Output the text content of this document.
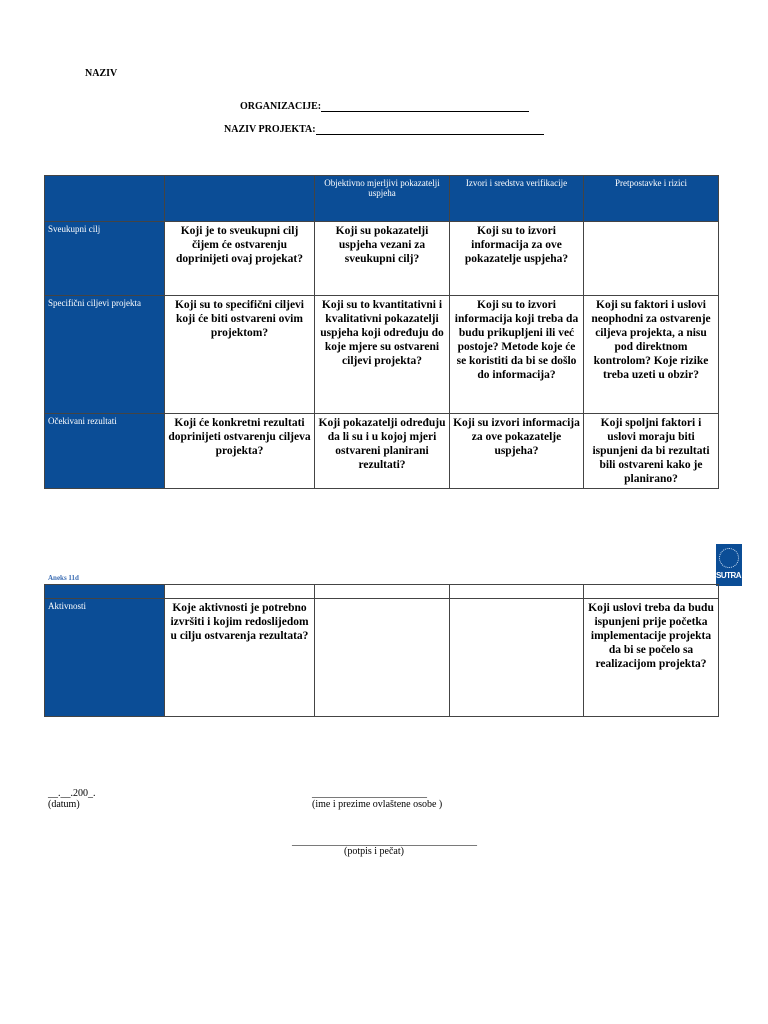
NAZIV
ORGANIZACIJE:
NAZIV PROJEKTA:
		Objektivno mjerljivi pokazatelji uspjeha	Izvori i sredstva verifikacije	Pretpostavke i rizici
Sveukupni cilj	Koji je to sveukupni cilj čijem će ostvarenju doprinijeti ovaj projekat?	Koji su pokazatelji uspjeha vezani za sveukupni cilj?	Koji su to izvori informacija za ove pokazatelje uspjeha?	
Specifični ciljevi projekta	Koji su to specifični ciljevi koji će biti ostvareni ovim projektom?	Koji su to kvantitativni i kvalitativni pokazatelji uspjeha koji određuju do koje mjere su ostvareni ciljevi projekta?	Koji su to izvori informacija koji treba da budu prikupljeni ili već postoje? Metode koje će se koristiti da bi se došlo do informacija?	Koji su faktori i uslovi neophodni za ostvarenje ciljeva projekta, a nisu pod direktnom kontrolom? Koje rizike treba uzeti u obzir?
Očekivani rezultati	Koji će konkretni rezultati doprinijeti ostvarenju ciljeva projekta?	Koji pokazatelji određuju da li su i u kojoj mjeri ostvareni planirani rezultati?	Koji su izvori informacija za ove pokazatelje uspjeha?	Koji spoljni faktori i uslovi moraju biti ispunjeni da bi rezultati bili ostvareni kako je planirano?
Aneks 11d	SUTRA

Aktivnosti	Koje aktivnosti je potrebno izvršiti i kojim redoslijedom u cilju ostvarenja rezultata?			Koji uslovi treba da budu ispunjeni prije početka implementacije projekta da bi se počelo sa realizacijom projekta?
__.__.200_.
(datum)
_______________________
(ime i prezime ovlaštene osobe )
_____________________________________
(potpis i pečat)
